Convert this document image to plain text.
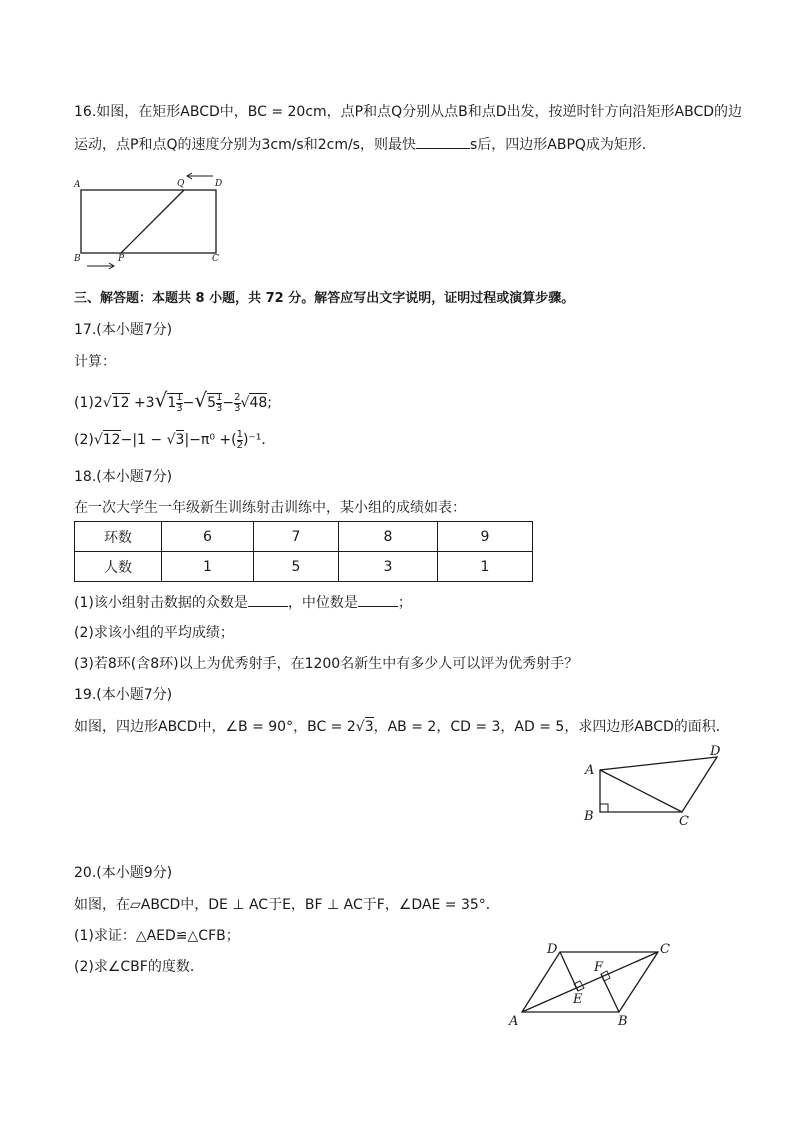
16.如图，在矩形ABCD中，BC = 20cm，点P和点Q分别从点B和点D出发，按逆时针方向沿矩形ABCD的边
运动，点P和点Q的速度分别为3cm/s和2cm/s，则最快	s后，四边形ABPQ成为矩形．
A	Q	D
B	P	C
三、解答题：本题共 8 小题，共 72 分。解答应写出文字说明，证明过程或演算步骤。
17.(本小题7分)
计算：
$(1)2√12 +3√1 \frac{1}{3} -√5 \frac{1}{3} - \frac{2}{3} √48$;
(2)√12−|1 − √3|−π⁰ +( $\frac{1}{2} )^{-1}$．
18.(本小题7分)
在一次大学生一年级新生训练射击训练中，某小组的成绩如表：
环数	6	7	8	9
人数	1	5	3	1
(1)该小组射击数据的众数是	，中位数是	；
(2)求该小组的平均成绩；
(3)若8环(含8环)以上为优秀射手，在1200名新生中有多少人可以评为优秀射手？
19.(本小题7分)
如图，四边形ABCD中，∠B = 90°，BC = 2√3，AB = 2，CD = 3，AD = 5，求四边形ABCD的面积．
A
B	C
D
20.(本小题9分)
如图，在▱ABCD中，DE ⊥ AC于E，BF ⊥ AC于F，∠DAE = 35°．
(1)求证：△AED≌△CFB；
(2)求∠CBF的度数．
A	B
C
D
E
F
